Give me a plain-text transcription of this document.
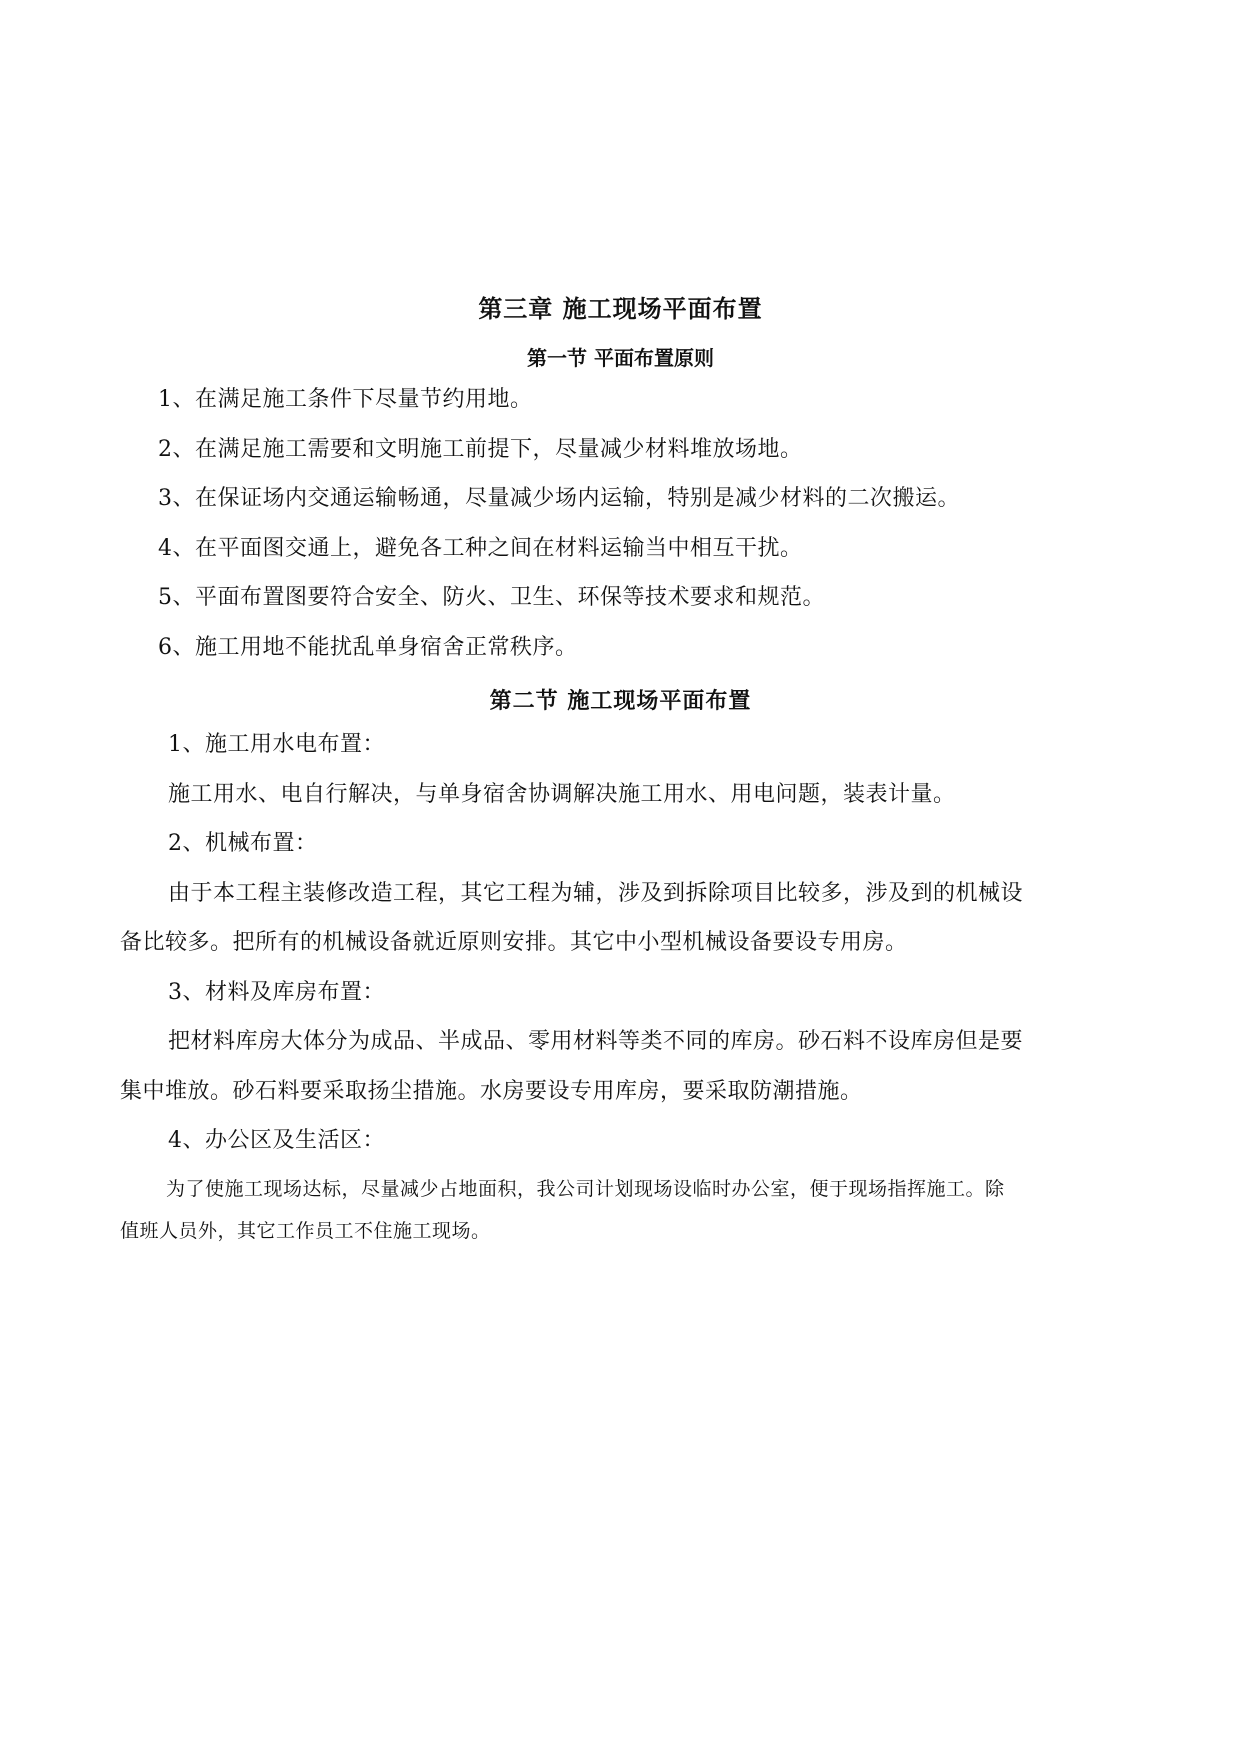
第三章 施工现场平面布置
第一节 平面布置原则
1、在满足施工条件下尽量节约用地。
2、在满足施工需要和文明施工前提下，尽量减少材料堆放场地。
3、在保证场内交通运输畅通，尽量减少场内运输，特别是减少材料的二次搬运。
4、在平面图交通上，避免各工种之间在材料运输当中相互干扰。
5、平面布置图要符合安全、防火、卫生、环保等技术要求和规范。
6、施工用地不能扰乱单身宿舍正常秩序。
第二节 施工现场平面布置
1、施工用水电布置：
施工用水、电自行解决，与单身宿舍协调解决施工用水、用电问题，装表计量。
2、机械布置：
由于本工程主装修改造工程，其它工程为辅，涉及到拆除项目比较多，涉及到的机械设
备比较多。把所有的机械设备就近原则安排。其它中小型机械设备要设专用房。
3、材料及库房布置：
把材料库房大体分为成品、半成品、零用材料等类不同的库房。砂石料不设库房但是要
集中堆放。砂石料要采取扬尘措施。水房要设专用库房，要采取防潮措施。
4、办公区及生活区：
为了使施工现场达标，尽量减少占地面积，我公司计划现场设临时办公室，便于现场指挥施工。除
值班人员外，其它工作员工不住施工现场。
